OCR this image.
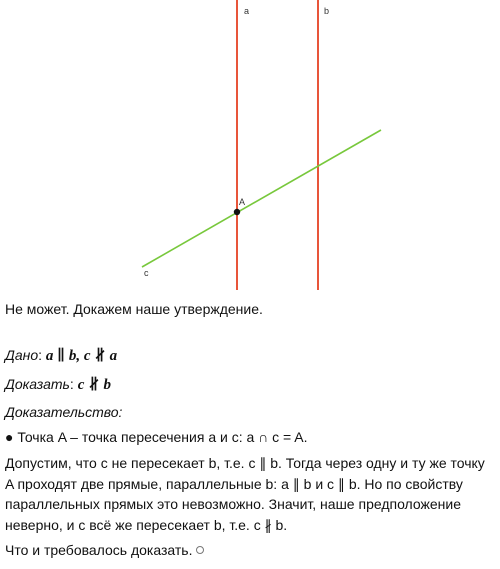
a	b
c
A
Не может. Докажем наше утверждение.
Дано: a ∥ b, c ∦ a
Доказать: c ∦ b
Доказательство:
● Точка A – точка пересечения a и c: a ∩ c = A.
Допустим, что c не пересекает b, т.е. c ∥ b. Тогда через одну и ту же точку A проходят две прямые, параллельные b: a ∥ b и c ∥ b. Но по свойству параллельных прямых это невозможно. Значит, наше предположение неверно, и c всё же пересекает b, т.е. c ∦ b.
Что и требовалось доказать.
